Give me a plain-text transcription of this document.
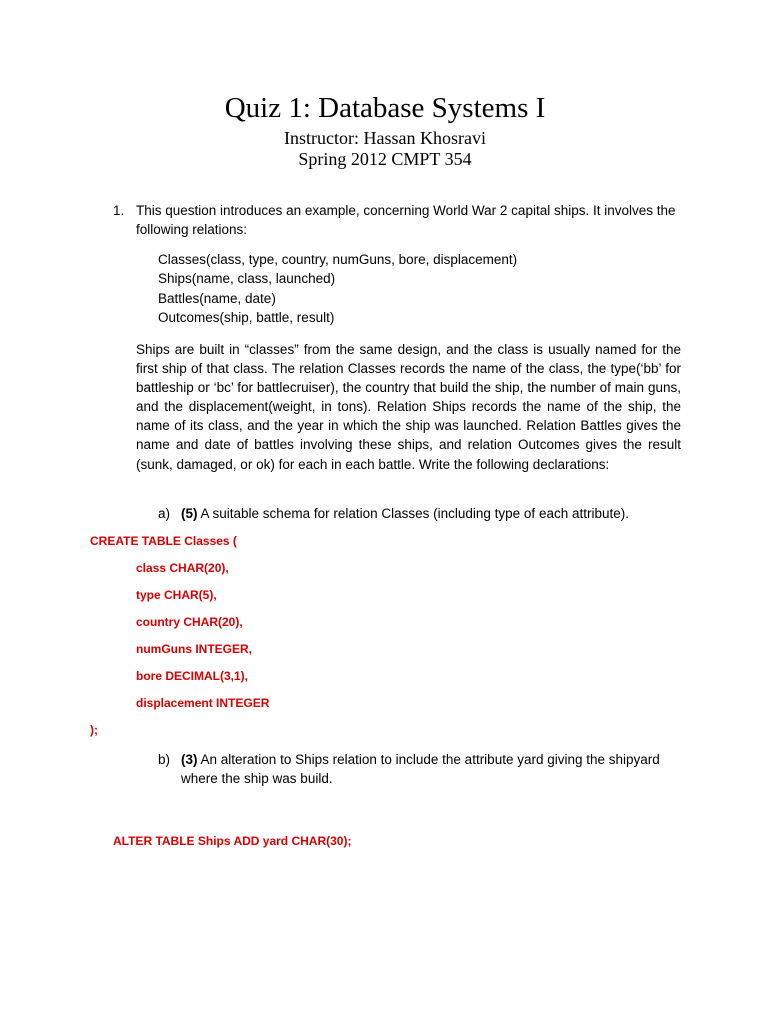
Quiz 1: Database Systems I
Instructor: Hassan Khosravi
Spring 2012 CMPT 354
1. This question introduces an example, concerning World War 2 capital ships. It involves the following relations:

Classes(class, type, country, numGuns, bore, displacement)
Ships(name, class, launched)
Battles(name, date)
Outcomes(ship, battle, result)

Ships are built in “classes” from the same design, and the class is usually named for the first ship of that class. The relation Classes records the name of the class, the type(‘bb’ for battleship or ‘bc’ for battlecruiser), the country that build the ship, the number of main guns, and the displacement(weight, in tons). Relation Ships records the name of the ship, the name of its class, and the year in which the ship was launched. Relation Battles gives the name and date of battles involving these ships, and relation Outcomes gives the result (sunk, damaged, or ok) for each in each battle. Write the following declarations:

a) (5) A suitable schema for relation Classes (including type of each attribute).

CREATE TABLE Classes (
class CHAR(20),
type CHAR(5),
country CHAR(20),
numGuns INTEGER,
bore DECIMAL(3,1),
displacement INTEGER
);
b) (3) An alteration to Ships relation to include the attribute yard giving the shipyard where the ship was build.

ALTER TABLE Ships ADD yard CHAR(30);
